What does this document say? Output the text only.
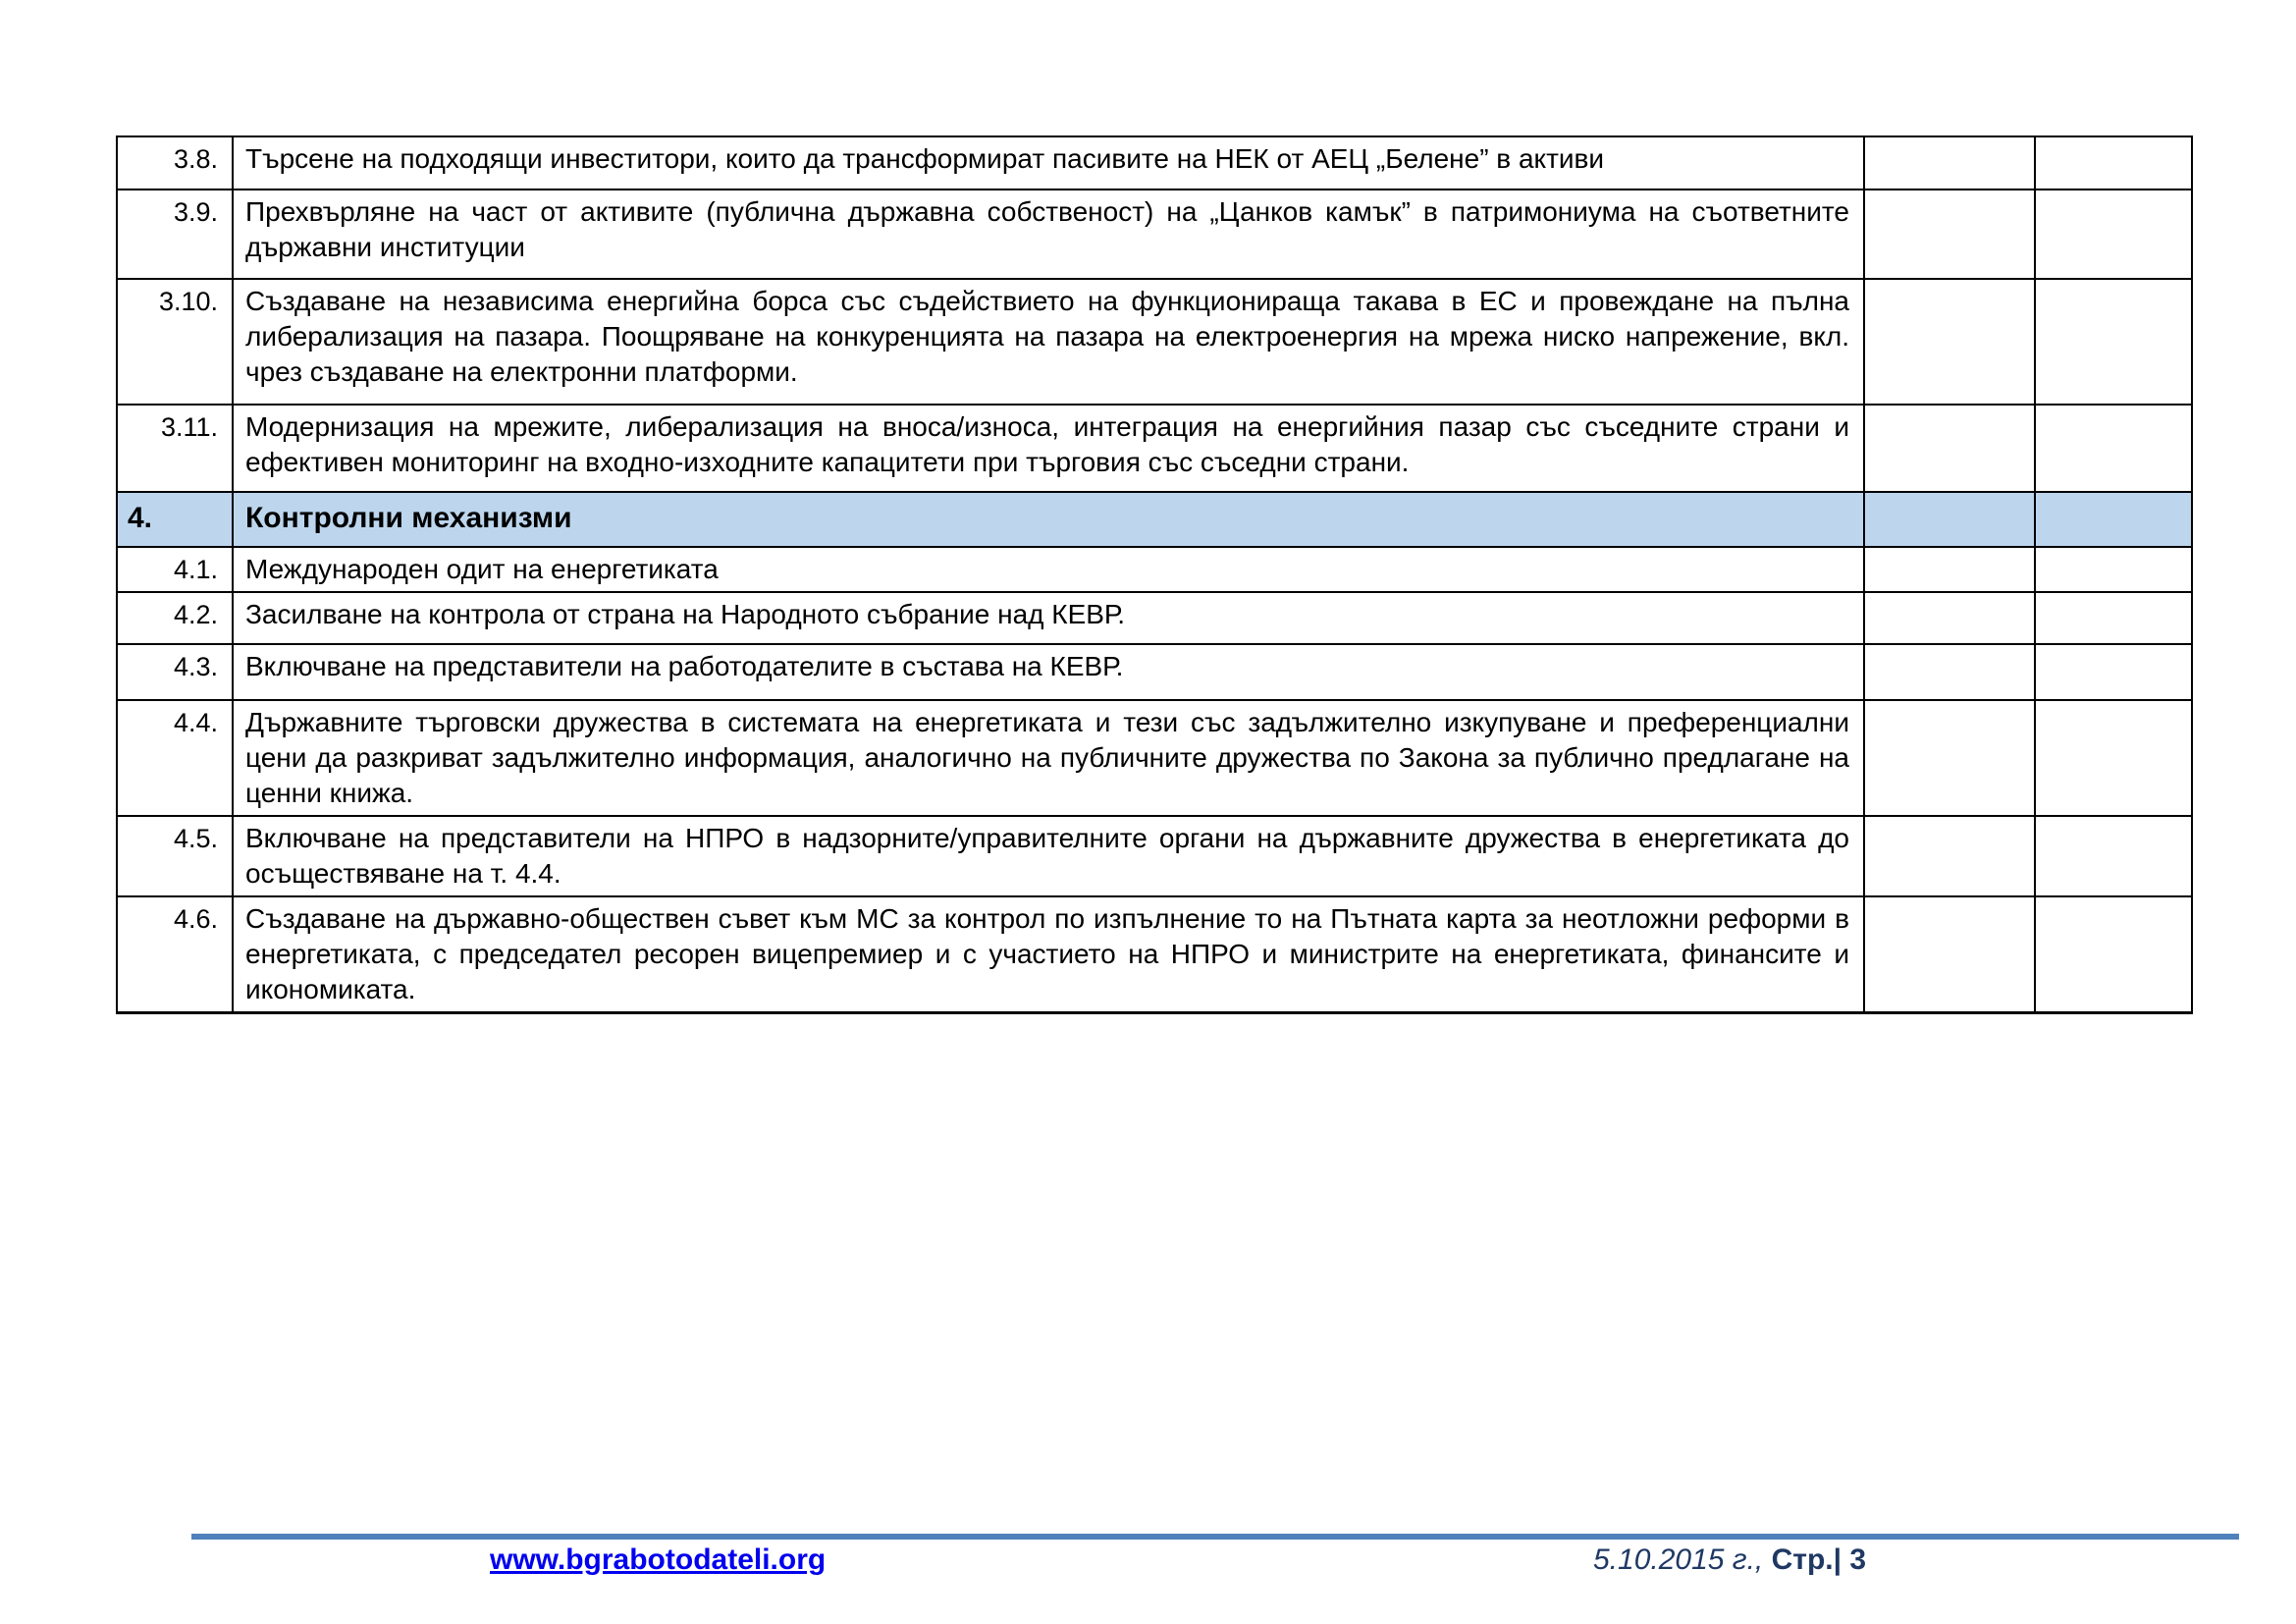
3.8.	Търсене на подходящи инвеститори, които да трансформират пасивите на НЕК от АЕЦ „Белене” в активи
3.9.	Прехвърляне на част от активите (публична държавна собственост) на „Цанков камък” в патримониума на съответните държавни институции
3.10.	Създаване на независима енергийна борса със съдействието на функционираща такава в ЕС и провеждане на пълна либерализация на пазара. Поощряване на конкуренцията на пазара на електроенергия на мрежа ниско напрежение, вкл. чрез създаване на електронни платформи.
3.11.	Модернизация на мрежите, либерализация на вноса/износа, интеграция на енергийния пазар със съседните страни и ефективен мониторинг на входно-изходните капацитети при търговия със съседни страни.
4.	Контролни механизми
4.1.	Международен одит на енергетиката
4.2.	Засилване на контрола от страна на Народното събрание над КЕВР.
4.3.	Включване на представители на работодателите в състава на КЕВР.
4.4.	Държавните търговски дружества в системата на енергетиката и тези със задължително изкупуване и преференциални цени да разкриват задължително информация, аналогично на публичните дружества по Закона за публично предлагане на ценни книжа.
4.5.	Включване на представители на НПРО в надзорните/управителните органи на държавните дружества в енергетиката до осъществяване на т. 4.4.
4.6.	Създаване на държавно-обществен съвет към МС за контрол по изпълнение то на Пътната карта за неотложни реформи в енергетиката, с председател ресорен вицепремиер и с участието на НПРО и министрите на енергетиката, финансите и икономиката.
www.bgrabotodateli.org	5.10.2015 г., Стр.| 3
